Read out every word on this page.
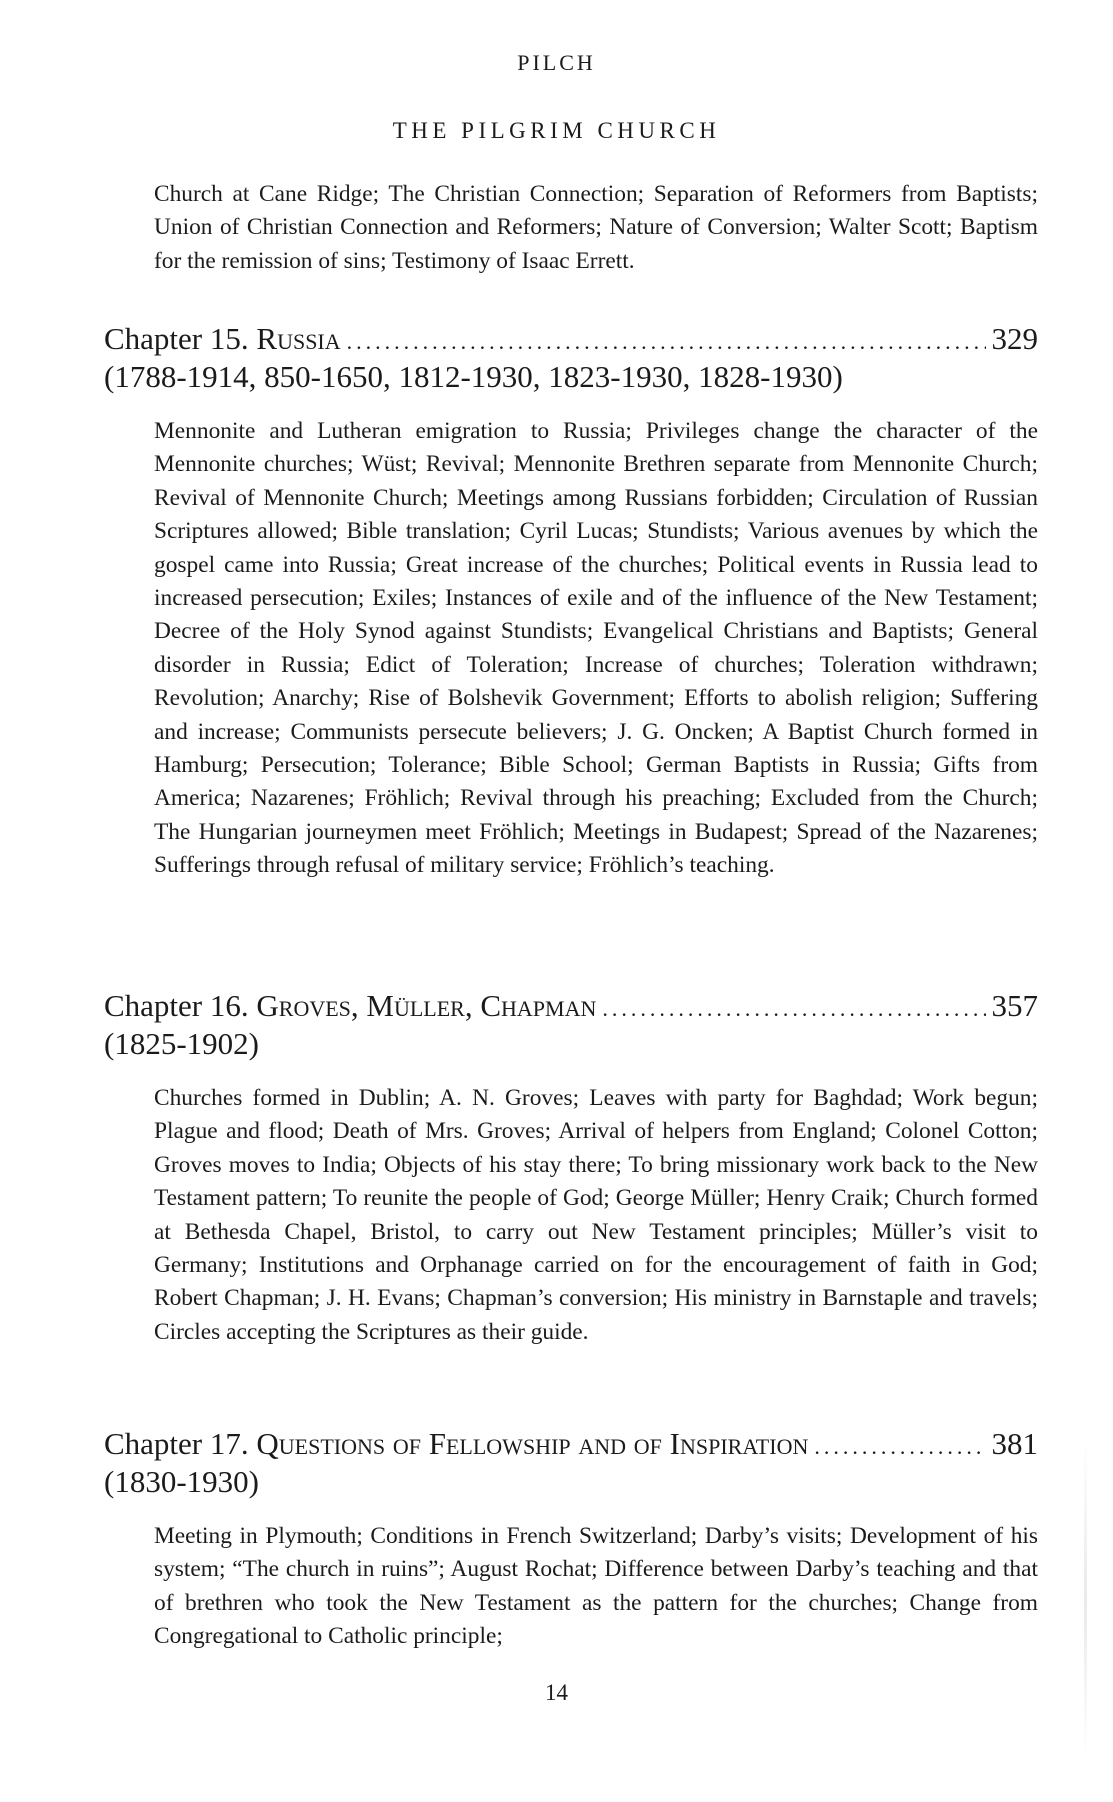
PILCH
THE PILGRIM CHURCH

Church at Cane Ridge; The Christian Connection; Separation of Reformers from Baptists; Union of Christian Connection and Reformers; Nature of Conversion; Walter Scott; Baptism for the remission of sins; Testimony of Isaac Errett.

Chapter 15.
Russia .....	329
(1788-1914, 850-1650, 1812-1930, 1823-1930, 1828-1930)

Mennonite and Lutheran emigration to Russia; Privileges change the character of the Mennonite churches; Wüst; Revival; Mennonite Brethren separate from Mennonite Church; Revival of Mennonite Church; Meetings among Russians forbidden; Circulation of Russian Scriptures allowed; Bible translation; Cyril Lucas; Stundists; Various avenues by which the gospel came into Russia; Great increase of the churches; Political events in Russia lead to increased persecution; Exiles; Instances of exile and of the influence of the New Testament; Decree of the Holy Synod against Stundists; Evangelical Christians and Baptists; General disorder in Russia; Edict of Toleration; Increase of churches; Toleration withdrawn; Revolution; Anarchy; Rise of Bolshevik Government; Efforts to abolish religion; Suffering and increase; Communists persecute believers; J. G. Oncken; A Baptist Church formed in Hamburg; Persecution; Tolerance; Bible School; German Baptists in Russia; Gifts from America; Nazarenes; Fröhlich; Revival through his preaching; Excluded from the Church; The Hungarian journeymen meet Fröhlich; Meetings in Budapest; Spread of the Nazarenes; Sufferings through refusal of military service; Fröhlich’s teaching.

Chapter 16.
Groves, Müller, Chapman .....	357
(1825-1902)

Churches formed in Dublin; A. N. Groves; Leaves with party for Baghdad; Work begun; Plague and flood; Death of Mrs. Groves; Arrival of helpers from England; Colonel Cotton; Groves moves to India; Objects of his stay there; To bring missionary work back to the New Testament pattern; To reunite the people of God; George Müller; Henry Craik; Church formed at Bethesda Chapel, Bristol, to carry out New Testament principles; Müller’s visit to Germany; Institutions and Orphanage carried on for the encouragement of faith in God; Robert Chapman; J. H. Evans; Chapman’s conversion; His ministry in Barnstaple and travels; Circles accepting the Scriptures as their guide.

Chapter 17.
Questions of Fellowship and of Inspiration .....	381
(1830-1930)

Meeting in Plymouth; Conditions in French Switzerland; Darby’s visits; Development of his system; “The church in ruins”; August Rochat; Difference between Darby’s teaching and that of brethren who took the New Testament as the pattern for the churches; Change from Congregational to Catholic principle;

14
